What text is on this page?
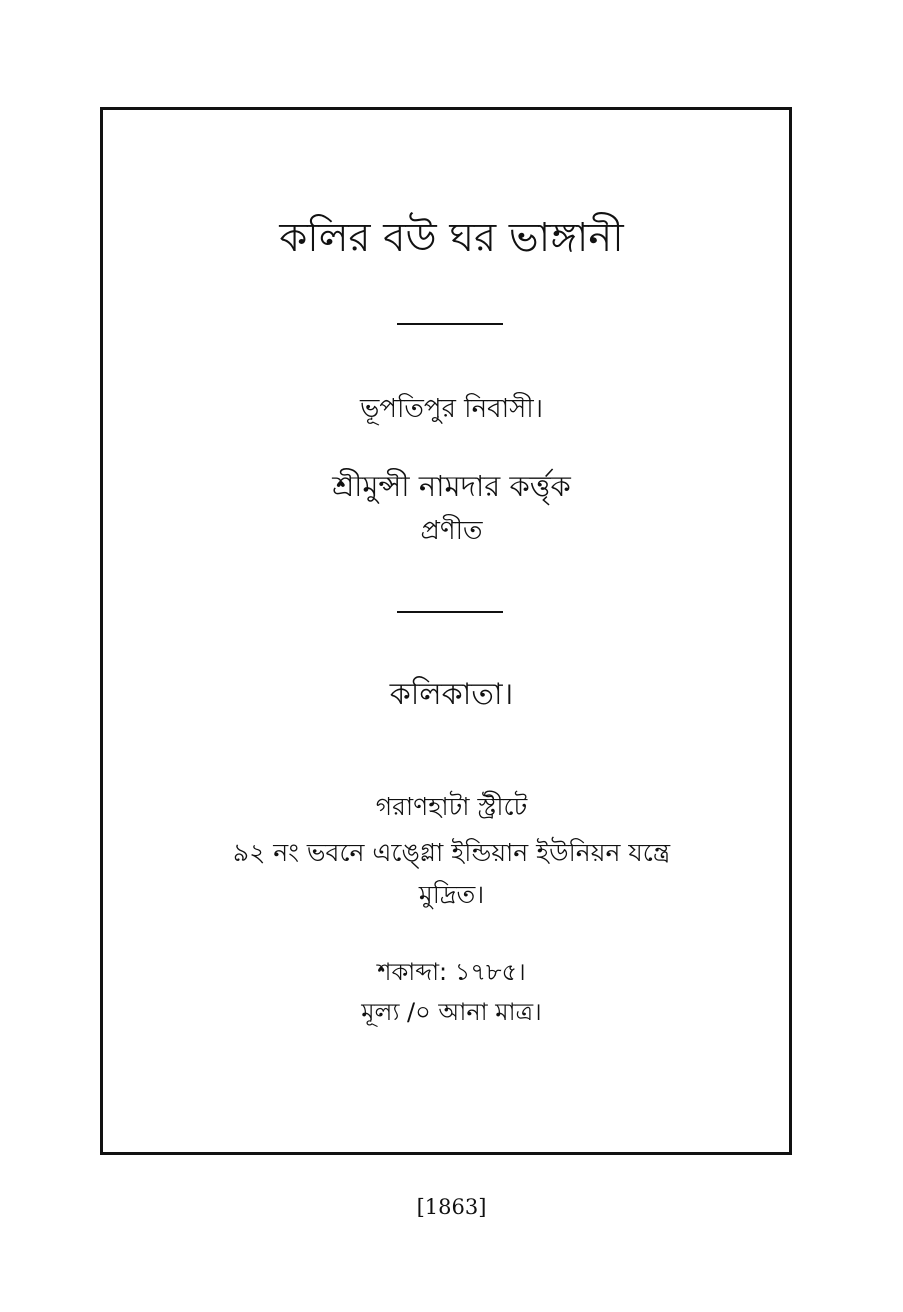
কলির বউ ঘর ভাঙ্গানী
ভূপতিপুর নিবাসী।
শ্রীমুন্সী নামদার কর্ত্তৃক
প্রণীত
কলিকাতা।
গরাণহাটা স্ট্রীটে
৯২ নং ভবনে এঙ্গ্লো ইন্ডিয়ান ইউনিয়ন যন্ত্রে
মুদ্রিত।
শকাব্দা: ১৭৮৫।
মূল্য /০ আনা মাত্র।
[1863]
